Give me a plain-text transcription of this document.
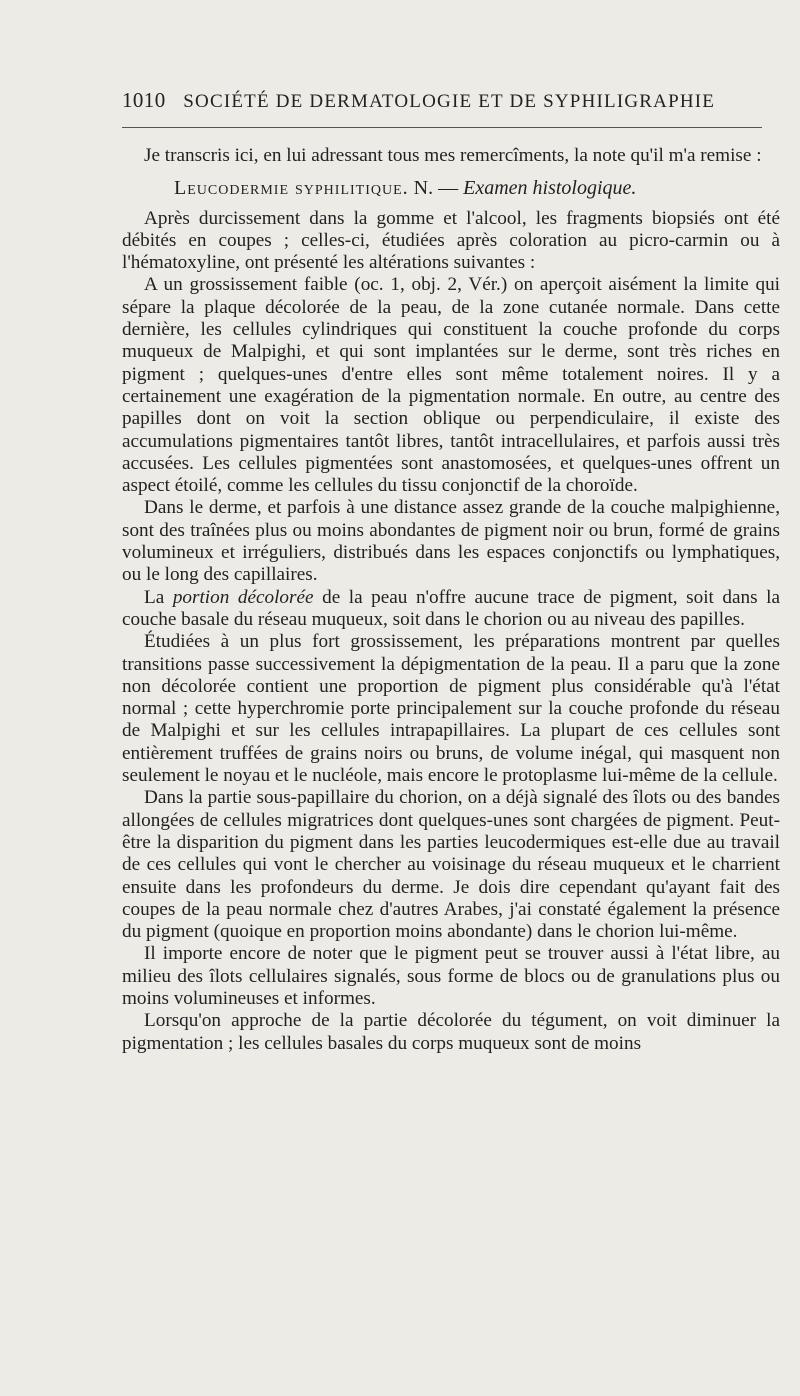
1010 SOCIÉTÉ DE DERMATOLOGIE ET DE SYPHILIGRAPHIE

Je transcris ici, en lui adressant tous mes remercîments, la note qu'il m'a remise :

Leucodermie syphilitique. N. — Examen histologique.

Après durcissement dans la gomme et l'alcool, les fragments biopsiés ont été débités en coupes ; celles-ci, étudiées après coloration au picro-carmin ou à l'hématoxyline, ont présenté les altérations suivantes :

A un grossissement faible (oc. 1, obj. 2, Vér.) on aperçoit aisément la limite qui sépare la plaque décolorée de la peau, de la zone cutanée normale. Dans cette dernière, les cellules cylindriques qui constituent la couche profonde du corps muqueux de Malpighi, et qui sont implantées sur le derme, sont très riches en pigment ; quelques-unes d'entre elles sont même totalement noires. Il y a certainement une exagération de la pigmentation normale. En outre, au centre des papilles dont on voit la section oblique ou perpendiculaire, il existe des accumulations pigmentaires tantôt libres, tantôt intracellulaires, et parfois aussi très accusées. Les cellules pigmentées sont anastomosées, et quelques-unes offrent un aspect étoilé, comme les cellules du tissu conjonctif de la choroïde.

Dans le derme, et parfois à une distance assez grande de la couche malpighienne, sont des traînées plus ou moins abondantes de pigment noir ou brun, formé de grains volumineux et irréguliers, distribués dans les espaces conjonctifs ou lymphatiques, ou le long des capillaires.

La portion décolorée de la peau n'offre aucune trace de pigment, soit dans la couche basale du réseau muqueux, soit dans le chorion ou au niveau des papilles.

Étudiées à un plus fort grossissement, les préparations montrent par quelles transitions passe successivement la dépigmentation de la peau. Il a paru que la zone non décolorée contient une proportion de pigment plus considérable qu'à l'état normal ; cette hyperchromie porte principalement sur la couche profonde du réseau de Malpighi et sur les cellules intrapapillaires. La plupart de ces cellules sont entièrement truffées de grains noirs ou bruns, de volume inégal, qui masquent non seulement le noyau et le nucléole, mais encore le protoplasme lui-même de la cellule.

Dans la partie sous-papillaire du chorion, on a déjà signalé des îlots ou des bandes allongées de cellules migratrices dont quelques-unes sont chargées de pigment. Peut-être la disparition du pigment dans les parties leucodermiques est-elle due au travail de ces cellules qui vont le chercher au voisinage du réseau muqueux et le charrient ensuite dans les profondeurs du derme. Je dois dire cependant qu'ayant fait des coupes de la peau normale chez d'autres Arabes, j'ai constaté également la présence du pigment (quoique en proportion moins abondante) dans le chorion lui-même.

Il importe encore de noter que le pigment peut se trouver aussi à l'état libre, au milieu des îlots cellulaires signalés, sous forme de blocs ou de granulations plus ou moins volumineuses et informes.

Lorsqu'on approche de la partie décolorée du tégument, on voit diminuer la pigmentation ; les cellules basales du corps muqueux sont de moins
